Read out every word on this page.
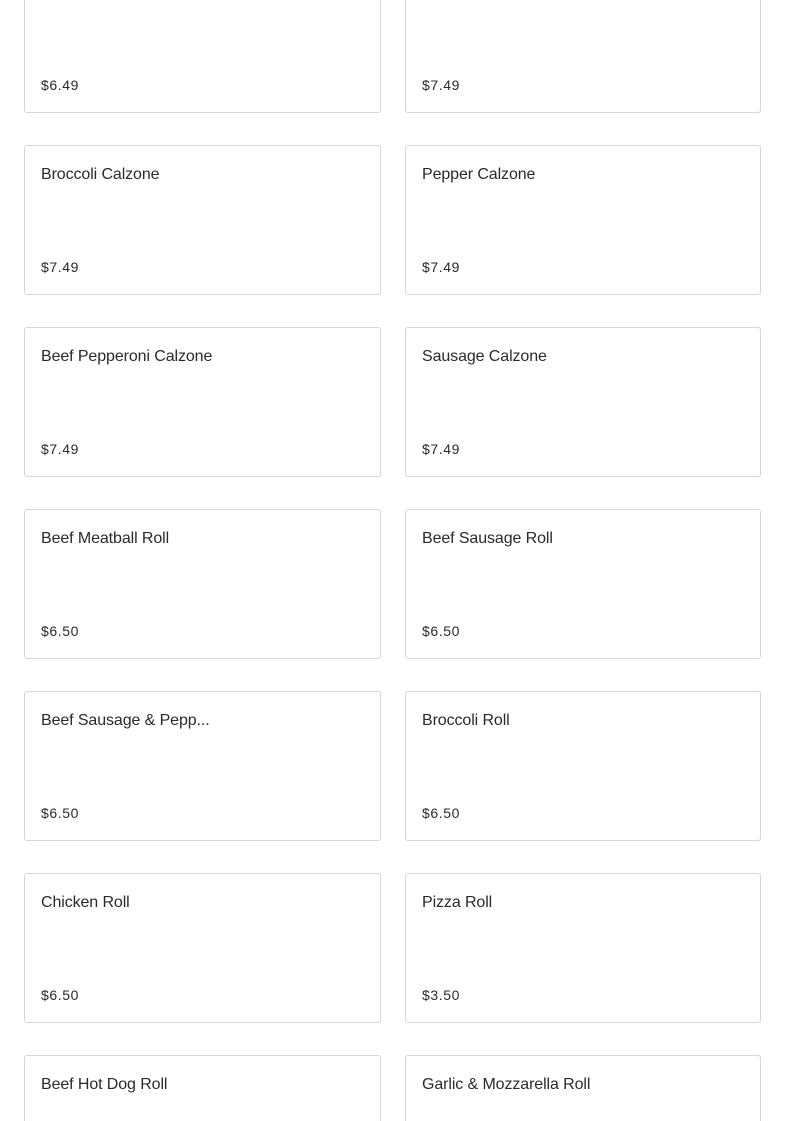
$6.49	$7.49
Broccoli Calzone
$7.49
Pepper Calzone
$7.49
Beef Pepperoni Calzone
$7.49
Sausage Calzone
$7.49
Beef Meatball Roll
$6.50
Beef Sausage Roll
$6.50
Beef Sausage & Pepp...
$6.50
Broccoli Roll
$6.50
Chicken Roll
$6.50
Pizza Roll
$3.50
Beef Hot Dog Roll	Garlic & Mozzarella Roll
